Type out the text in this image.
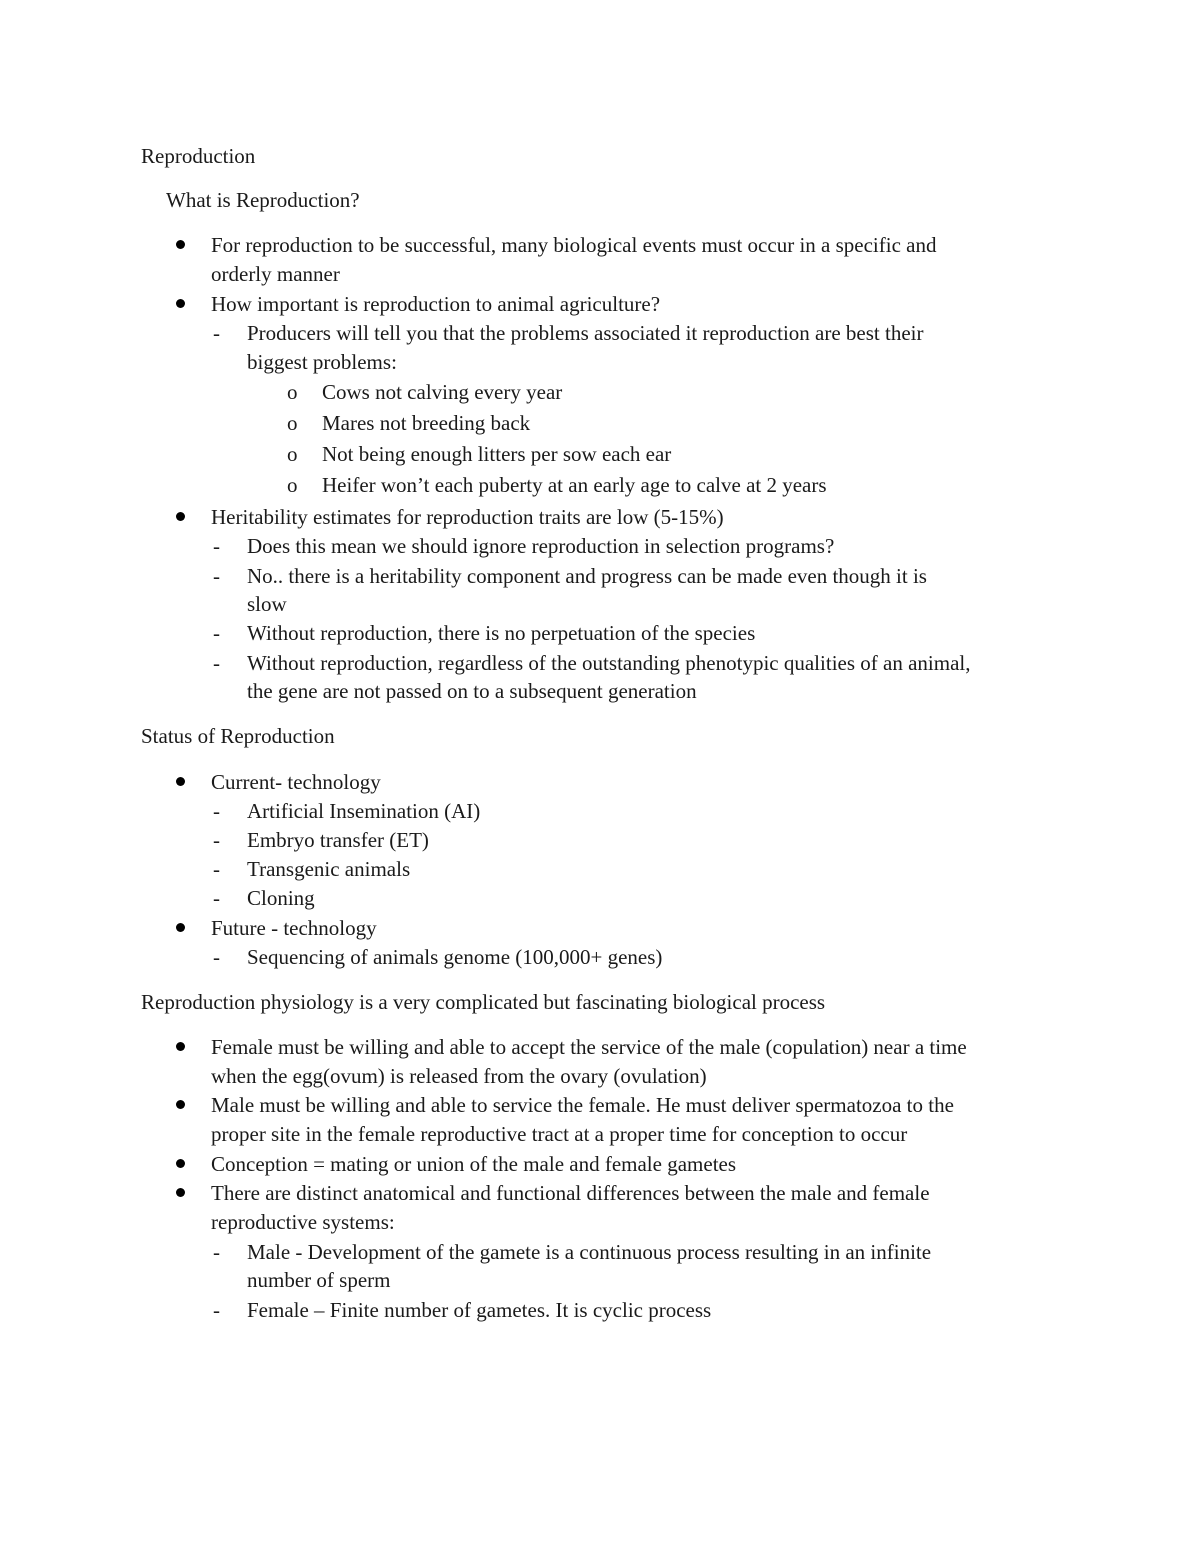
Reproduction
What is Reproduction?
For reproduction to be successful, many biological events must occur in a specific and
orderly manner
How important is reproduction to animal agriculture?
- Producers will tell you that the problems associated it reproduction are best their
biggest problems:
o Cows not calving every year
o Mares not breeding back
o Not being enough litters per sow each ear
o Heifer won’t each puberty at an early age to calve at 2 years
Heritability estimates for reproduction traits are low (5-15%)
- Does this mean we should ignore reproduction in selection programs?
- No.. there is a heritability component and progress can be made even though it is
slow
- Without reproduction, there is no perpetuation of the species
- Without reproduction, regardless of the outstanding phenotypic qualities of an animal,
the gene are not passed on to a subsequent generation
Status of Reproduction
Current- technology
- Artificial Insemination (AI)
- Embryo transfer (ET)
- Transgenic animals
- Cloning
Future - technology
- Sequencing of animals genome (100,000+ genes)
Reproduction physiology is a very complicated but fascinating biological process
Female must be willing and able to accept the service of the male (copulation) near a time
when the egg(ovum) is released from the ovary (ovulation)
Male must be willing and able to service the female. He must deliver spermatozoa to the
proper site in the female reproductive tract at a proper time for conception to occur
Conception = mating or union of the male and female gametes
There are distinct anatomical and functional differences between the male and female
reproductive systems:
- Male - Development of the gamete is a continuous process resulting in an infinite
number of sperm
- Female – Finite number of gametes. It is cyclic process
